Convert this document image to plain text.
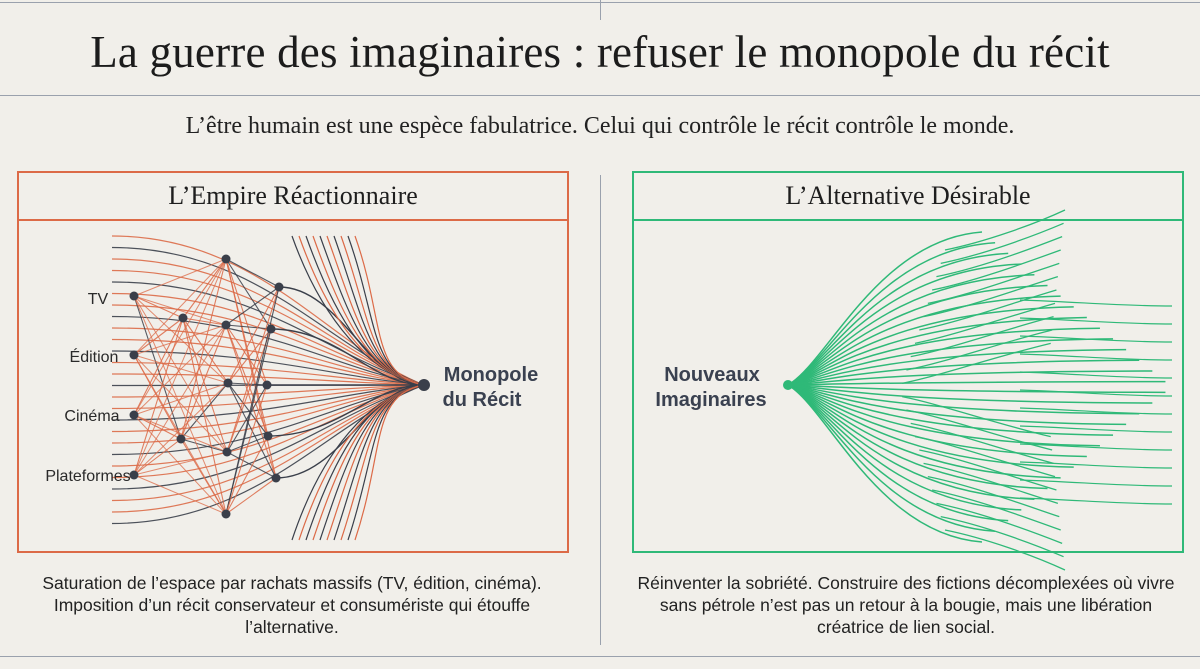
La guerre des imaginaires : refuser le monopole du récit
L’être humain est une espèce fabulatrice. Celui qui contrôle le récit contrôle le monde.
L’Empire Réactionnaire	L’Alternative Désirable
TV
Édition
Cinéma
Plateformes
Monopole
du Récit
Nouveaux
Imaginaires
Saturation de l’espace par rachats massifs (TV, édition, cinéma). Imposition d’un récit conservateur et consumériste qui étouffe l’alternative.
Réinventer la sobriété. Construire des fictions décomplexées où vivre sans pétrole n’est pas un retour à la bougie, mais une libération créatrice de lien social.
